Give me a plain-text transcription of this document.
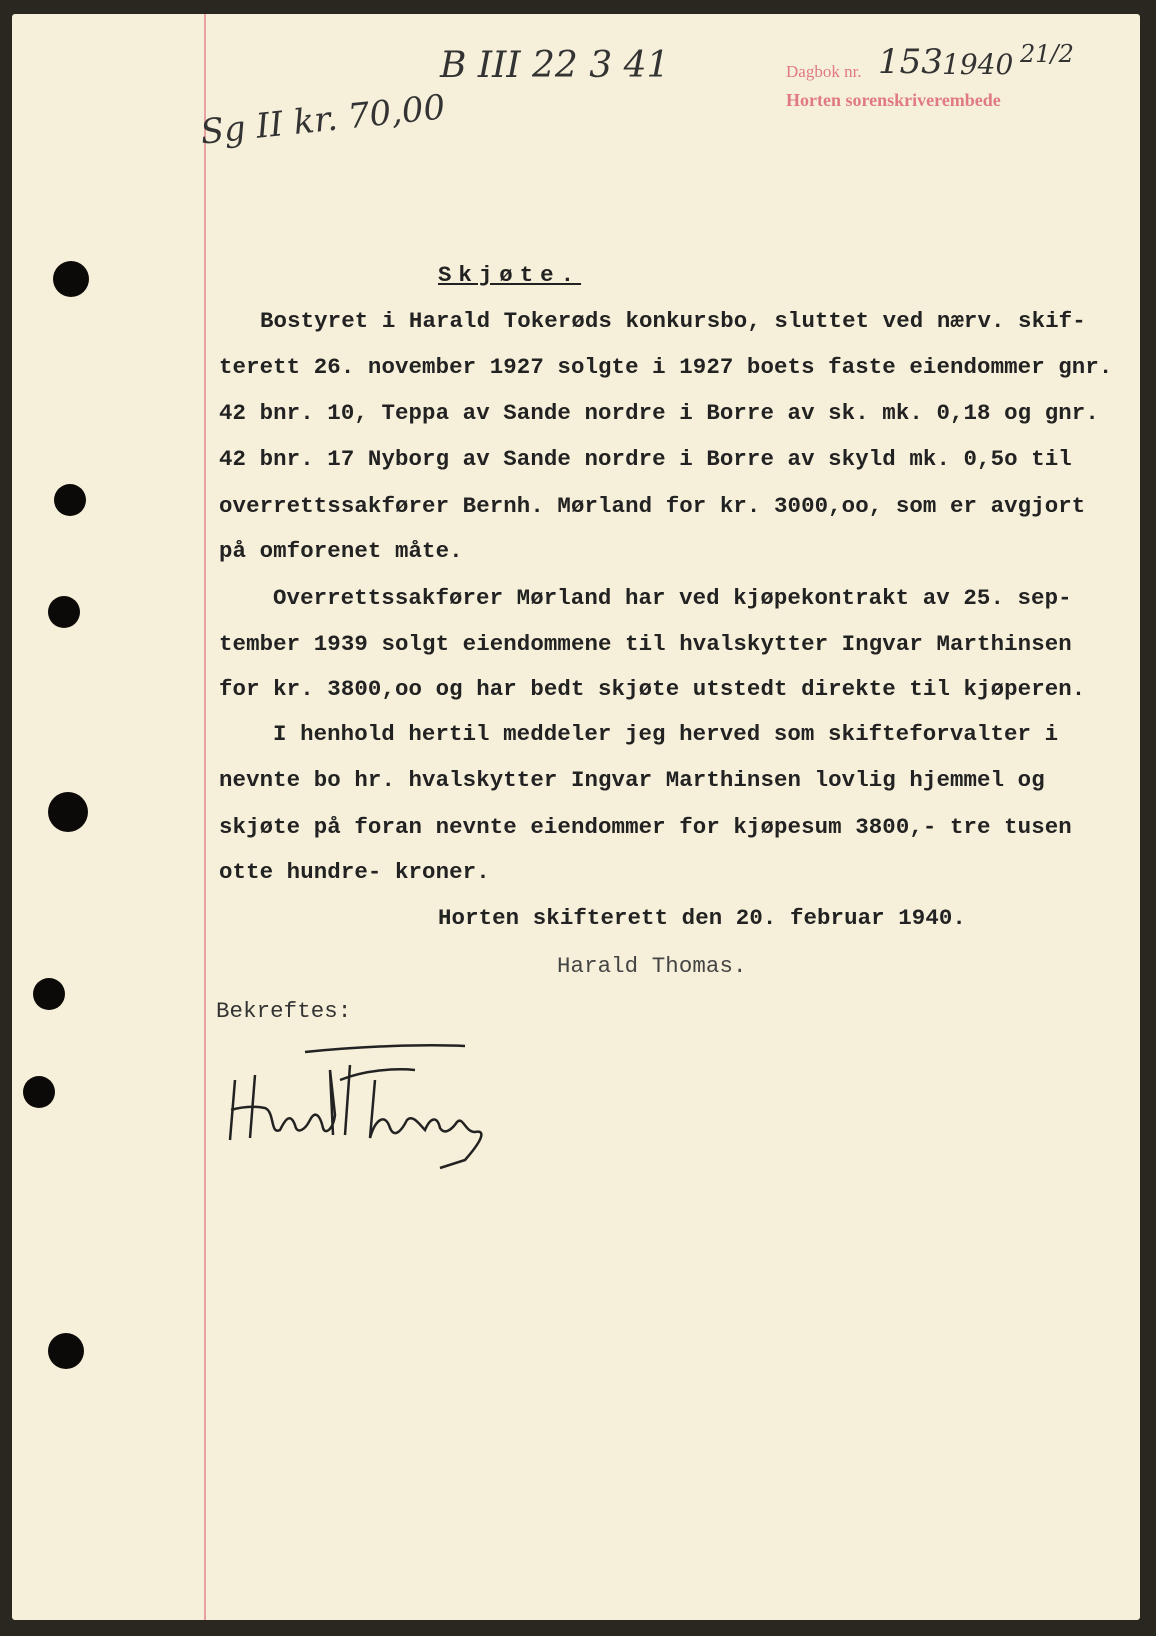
Sg II kr. 70,00
B III 22 3 41	Dagbok nr. 153 1940 21/2
Horten sorenskriverembede
Skjøte.
Bostyret i Harald Tokerøds konkursbo, sluttet ved nærv. skif-
terett 26. november 1927 solgte i 1927 boets faste eiendommer gnr.
42 bnr. 10, Teppa av Sande nordre i Borre av sk. mk. 0,18 og gnr.
42 bnr. 17 Nyborg av Sande nordre i Borre av skyld mk. 0,5o til
overrettssakfører Bernh. Mørland for kr. 3000,oo, som er avgjort
på omforenet måte.
Overrettssakfører Mørland har ved kjøpekontrakt av 25. sep-
tember 1939 solgt eiendommene til hvalskytter Ingvar Marthinsen
for kr. 3800,oo og har bedt skjøte utstedt direkte til kjøperen.
I henhold hertil meddeler jeg herved som skifteforvalter i
nevnte bo hr. hvalskytter Ingvar Marthinsen lovlig hjemmel og
skjøte på foran nevnte eiendommer for kjøpesum 3800,- tre tusen
otte hundre- kroner.
Horten skifterett den 20. februar 1940.
Harald Thomas.
Bekreftes:
